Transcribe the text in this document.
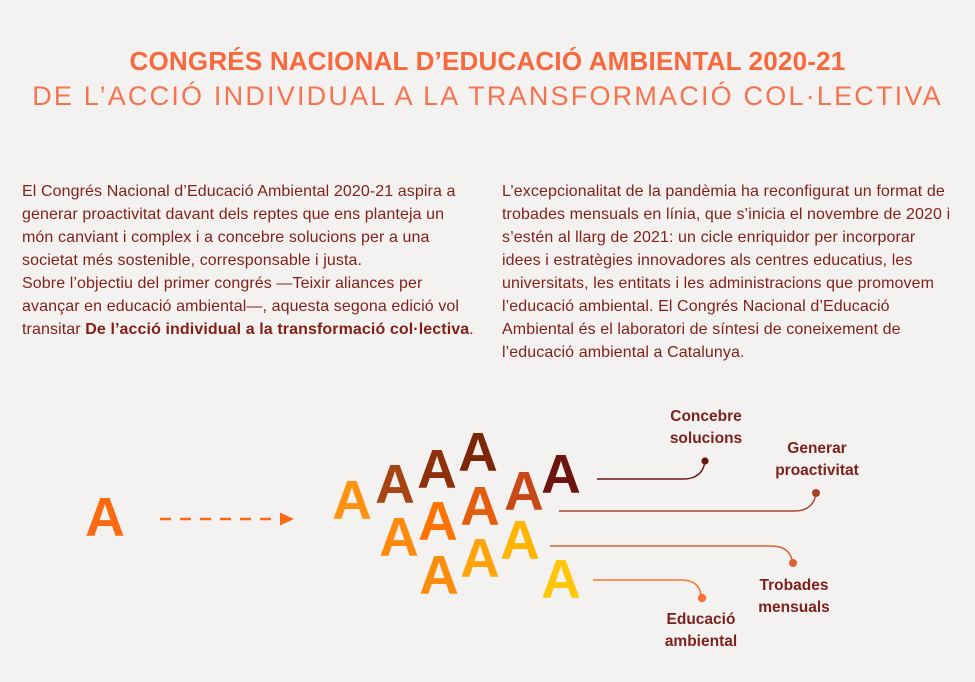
CONGRÉS NACIONAL D’EDUCACIÓ AMBIENTAL 2020-21
DE L’ACCIÓ INDIVIDUAL A LA TRANSFORMACIÓ COL·LECTIVA
El Congrés Nacional d’Educació Ambiental 2020-21 aspira a generar proactivitat davant dels reptes que ens planteja un món canviant i complex i a concebre solucions per a una societat més sostenible, corresponsable i justa.
Sobre l’objectiu del primer congrés —Teixir aliances per avançar en educació ambiental—, aquesta segona edició vol transitar De l’acció individual a la transformació col·lectiva.
L’excepcionalitat de la pandèmia ha reconfigurat un format de trobades mensuals en línia, que s’inicia el novembre de 2020 i s’estén al llarg de 2021: un cicle enriquidor per incorporar idees i estratègies innovadores als centres educatius, les universitats, les entitats i les administracions que promovem l’educació ambiental. El Congrés Nacional d’Educació Ambiental és el laboratori de síntesi de coneixement de l’educació ambiental a Catalunya.
A	A A A A
A
A
A A A
A A A
A
Concebre
solucions
Generar
proactivitat
Trobades
mensuals
Educació
ambiental
